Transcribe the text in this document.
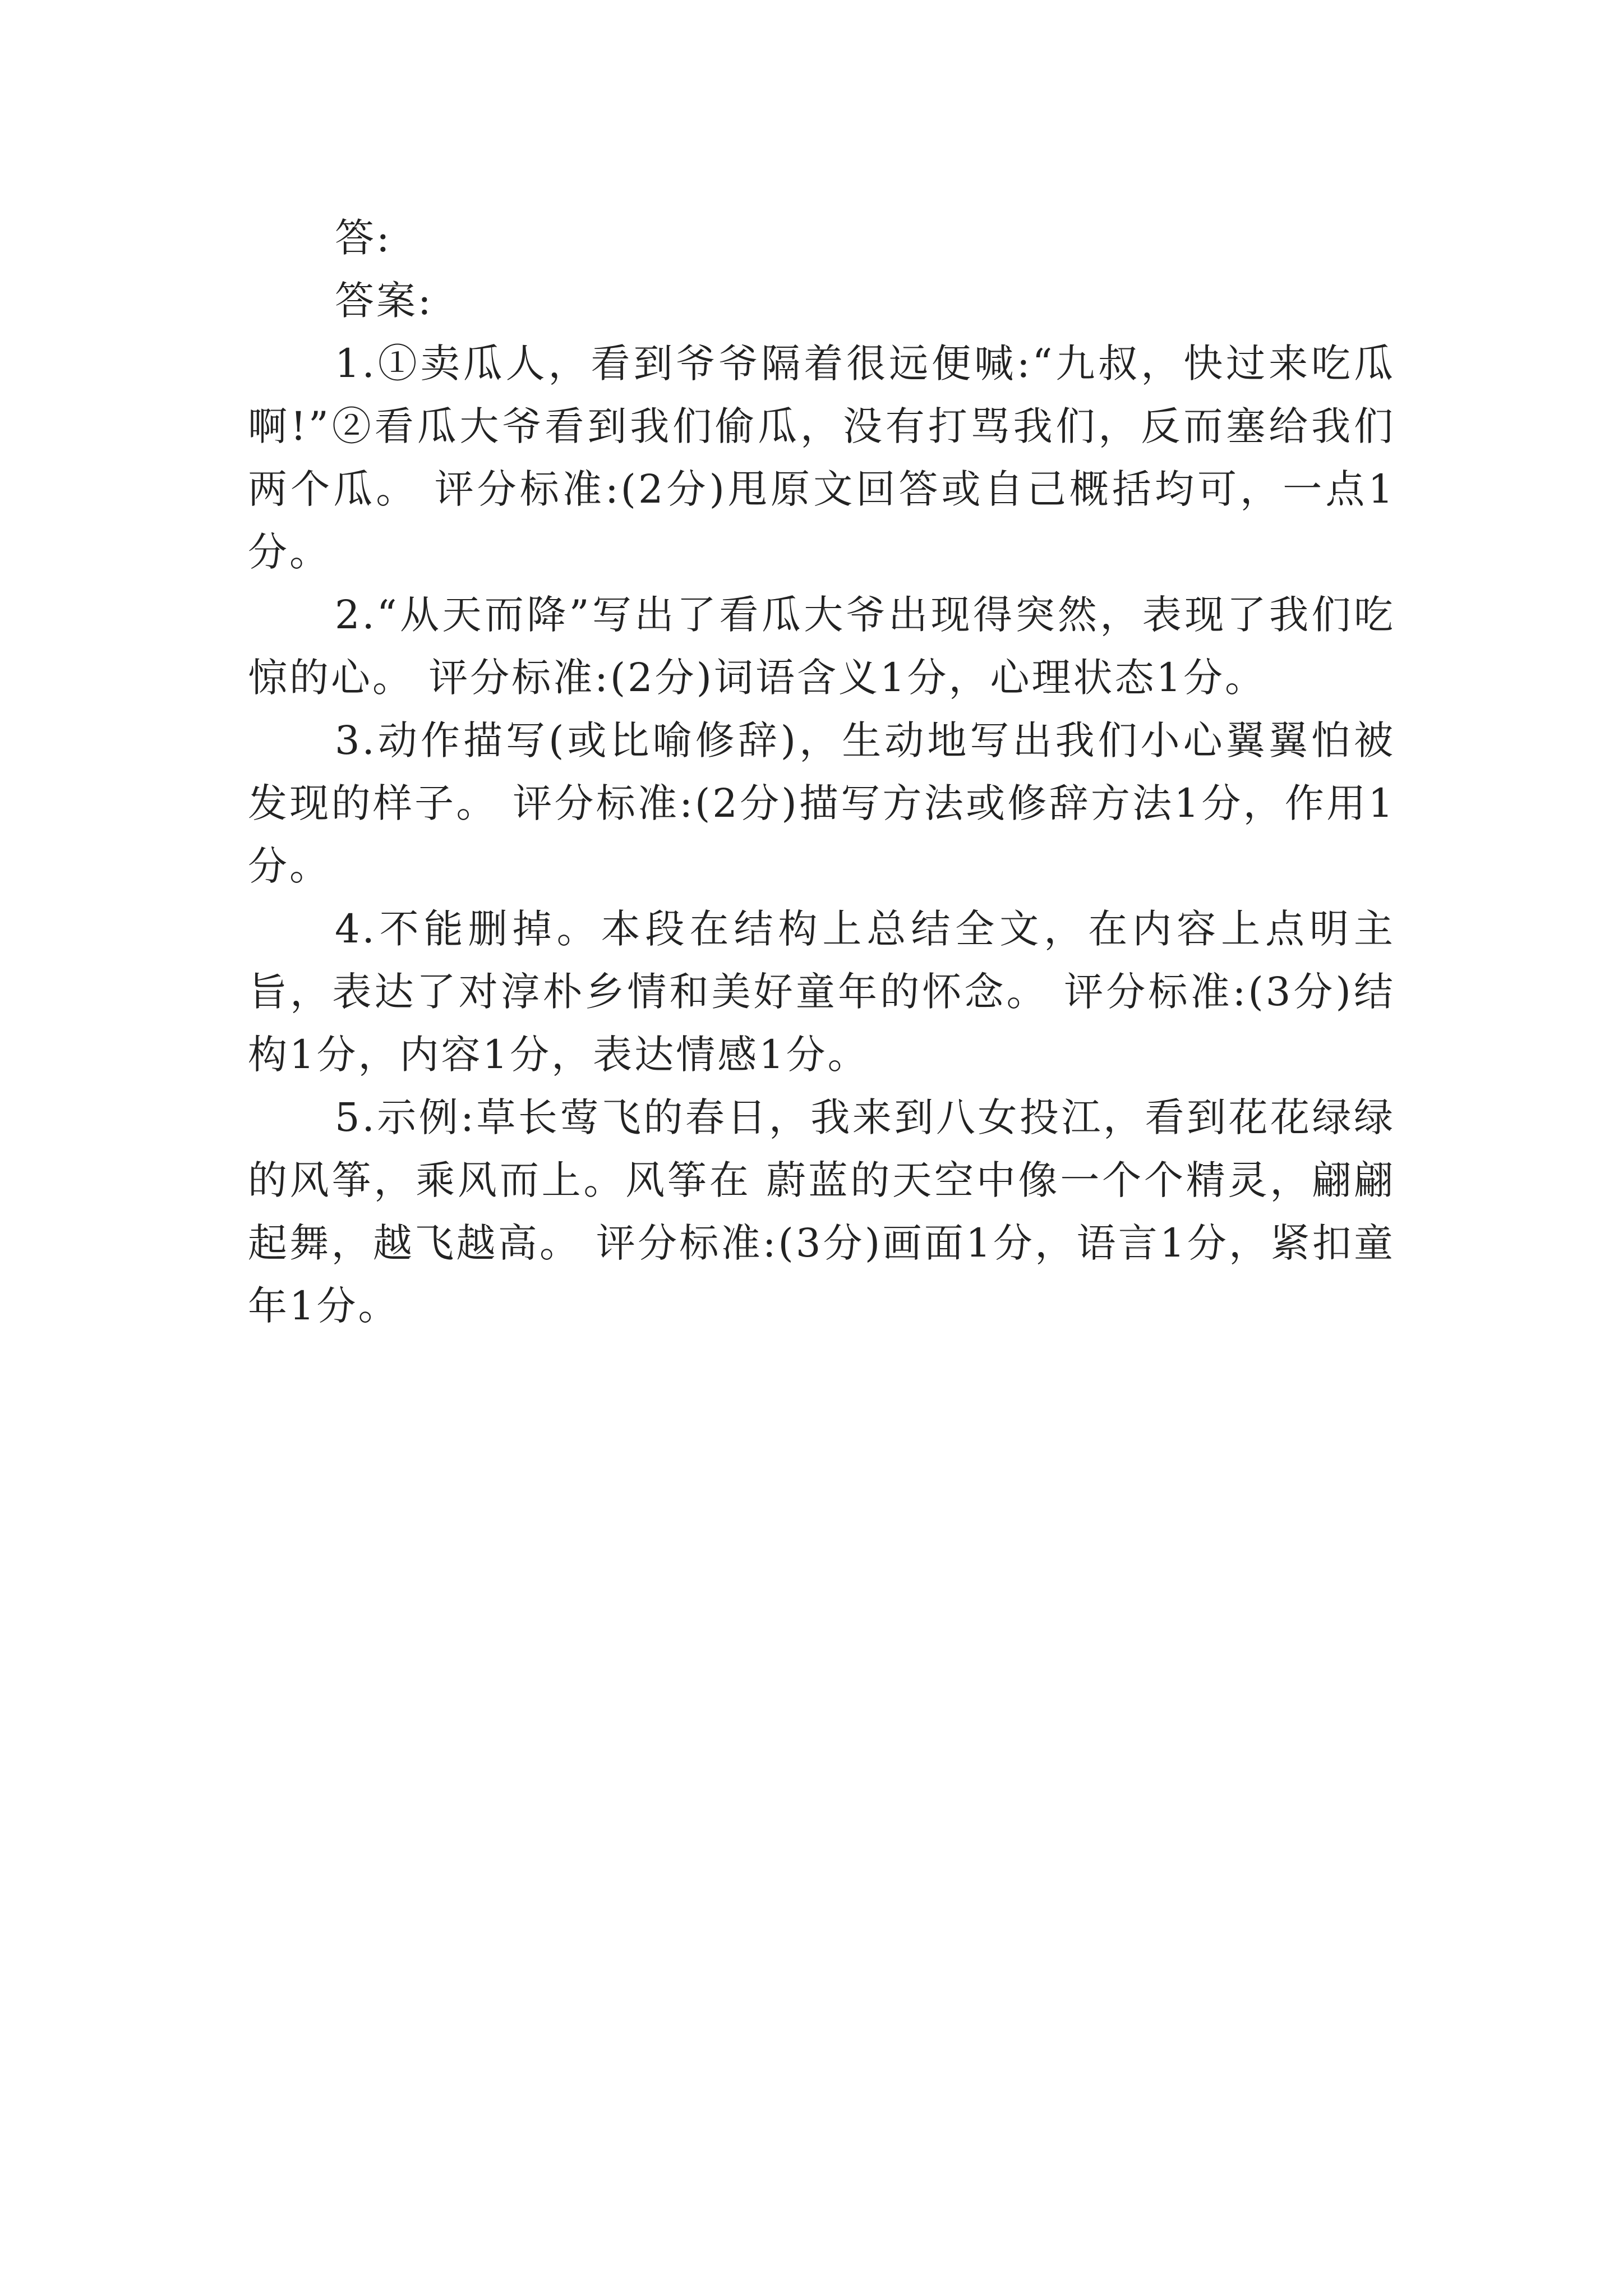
答:

答案:

1.①卖瓜人，看到爷爷隔着很远便喊:“九叔，快过来吃瓜啊!”②看瓜大爷看到我们偷瓜，没有打骂我们，反而塞给我们两个瓜。 评分标准:(2分)甩原文回答或自己概括均可，一点1分。

2.“从天而降”写出了看瓜大爷出现得突然，表现了我们吃惊的心。 评分标准:(2分)词语含义1分，心理状态1分。

3.动作描写(或比喻修辞)，生动地写出我们小心翼翼怕被发现的样子。 评分标准:(2分)描写方法或修辞方法1分，作用1分。

4.不能删掉。本段在结构上总结全文，在内容上点明主旨，表达了对淳朴乡情和美好童年的怀念。 评分标准:(3分)结构1分，内容1分，表达情感1分。

5.示例:草长莺飞的春日，我来到八女投江，看到花花绿绿的风筝，乘风而上。风筝在 蔚蓝的天空中像一个个精灵，翩翩起舞，越飞越高。 评分标准:(3分)画面1分，语言1分，紧扣童年1分。
